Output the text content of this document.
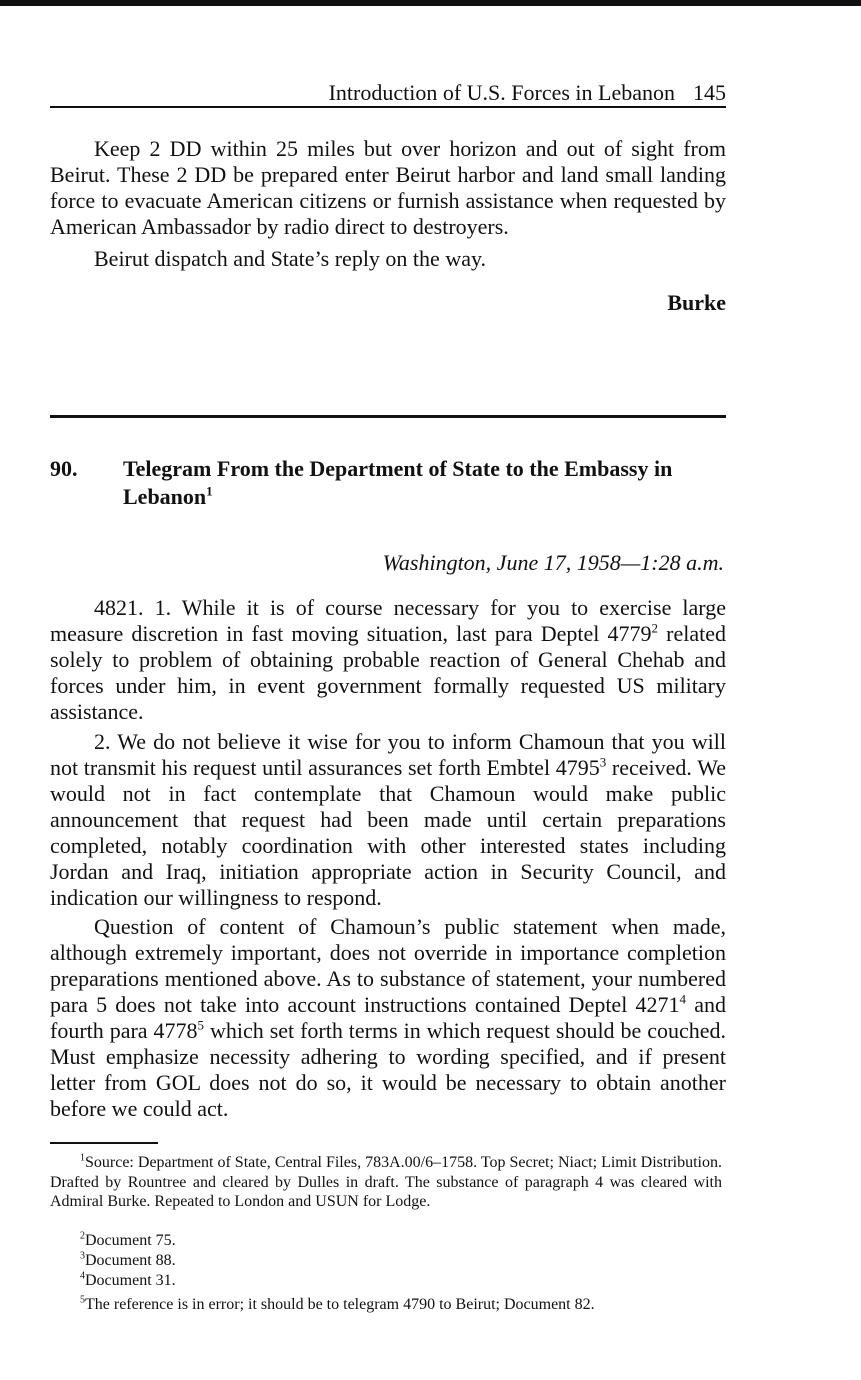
Introduction of U.S. Forces in Lebanon 145

Keep 2 DD within 25 miles but over horizon and out of sight from Beirut. These 2 DD be prepared enter Beirut harbor and land small landing force to evacuate American citizens or furnish assistance when requested by American Ambassador by radio direct to destroyers.

Beirut dispatch and State’s reply on the way.

Burke
90. Telegram From the Department of State to the Embassy in Lebanon$^1$

Washington, June 17, 1958—1:28 a.m.

4821. 1. While it is of course necessary for you to exercise large measure discretion in fast moving situation, last para Deptel 4779$^2$ related solely to problem of obtaining probable reaction of General Chehab and forces under him, in event government formally requested US military assistance.

2. We do not believe it wise for you to inform Chamoun that you will not transmit his request until assurances set forth Embtel 4795$^3$ received. We would not in fact contemplate that Chamoun would make public announcement that request had been made until certain preparations completed, notably coordination with other interested states including Jordan and Iraq, initiation appropriate action in Security Council, and indication our willingness to respond.

Question of content of Chamoun’s public statement when made, although extremely important, does not override in importance completion preparations mentioned above. As to substance of statement, your numbered para 5 does not take into account instructions contained Deptel 4271$^4$ and fourth para 4778$^5$ which set forth terms in which request should be couched. Must emphasize necessity adhering to wording specified, and if present letter from GOL does not do so, it would be necessary to obtain another before we could act.

$^1$Source: Department of State, Central Files, 783A.00/6–1758. Top Secret; Niact; Limit Distribution. Drafted by Rountree and cleared by Dulles in draft. The substance of paragraph 4 was cleared with Admiral Burke. Repeated to London and USUN for Lodge.

$^2$Document 75.

$^3$Document 88.

$^4$Document 31.

$^5$The reference is in error; it should be to telegram 4790 to Beirut; Document 82.
